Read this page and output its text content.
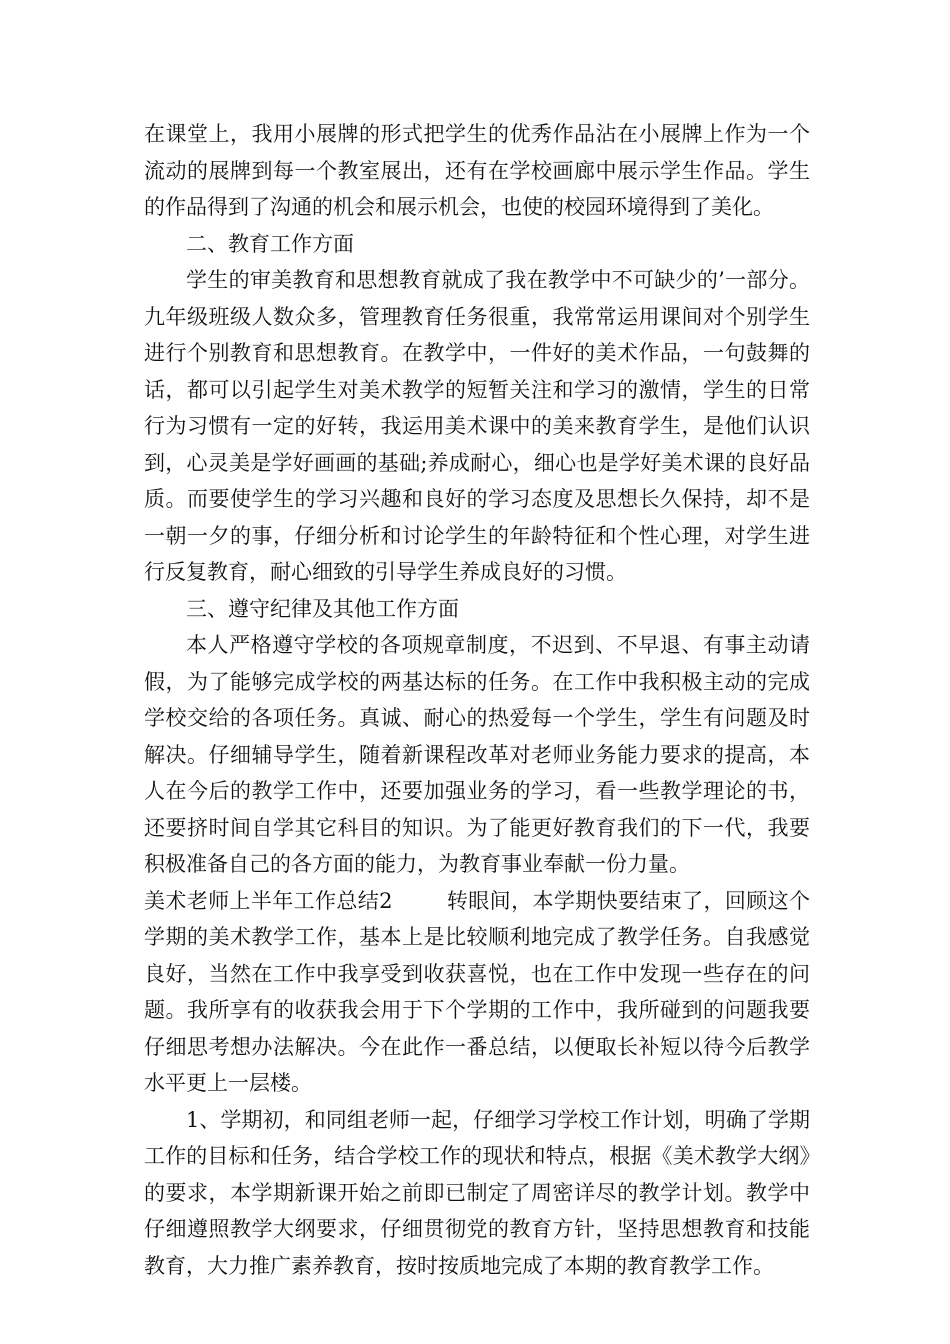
在课堂上，我用小展牌的形式把学生的优秀作品沾在小展牌上作为一个流动的展牌到每一个教室展出，还有在学校画廊中展示学生作品。学生的作品得到了沟通的机会和展示机会，也使的校园环境得到了美化。

二、教育工作方面

学生的审美教育和思想教育就成了我在教学中不可缺少的’一部分。九年级班级人数众多，管理教育任务很重，我常常运用课间对个别学生进行个别教育和思想教育。在教学中，一件好的美术作品，一句鼓舞的话，都可以引起学生对美术教学的短暂关注和学习的激情，学生的日常行为习惯有一定的好转，我运用美术课中的美来教育学生，是他们认识到，心灵美是学好画画的基础;养成耐心，细心也是学好美术课的良好品质。而要使学生的学习兴趣和良好的学习态度及思想长久保持，却不是一朝一夕的事，仔细分析和讨论学生的年龄特征和个性心理，对学生进行反复教育，耐心细致的引导学生养成良好的习惯。

三、遵守纪律及其他工作方面

本人严格遵守学校的各项规章制度，不迟到、不早退、有事主动请假，为了能够完成学校的两基达标的任务。在工作中我积极主动的完成学校交给的各项任务。真诚、耐心的热爱每一个学生，学生有问题及时解决。仔细辅导学生，随着新课程改革对老师业务能力要求的提高，本人在今后的教学工作中，还要加强业务的学习，看一些教学理论的书，还要挤时间自学其它科目的知识。为了能更好教育我们的下一代，我要积极准备自己的各方面的能力，为教育事业奉献一份力量。

美术老师上半年工作总结2	转眼间，本学期快要结束了，回顾这个学期的美术教学工作，基本上是比较顺利地完成了教学任务。自我感觉良好，当然在工作中我享受到收获喜悦，也在工作中发现一些存在的问题。我所享有的收获我会用于下个学期的工作中，我所碰到的问题我要仔细思考想办法解决。今在此作一番总结，以便取长补短以待今后教学水平更上一层楼。

1、学期初，和同组老师一起，仔细学习学校工作计划，明确了学期工作的目标和任务，结合学校工作的现状和特点，根据《美术教学大纲》的要求，本学期新课开始之前即已制定了周密详尽的教学计划。教学中仔细遵照教学大纲要求，仔细贯彻党的教育方针，坚持思想教育和技能教育，大力推广素养教育，按时按质地完成了本期的教育教学工作。
